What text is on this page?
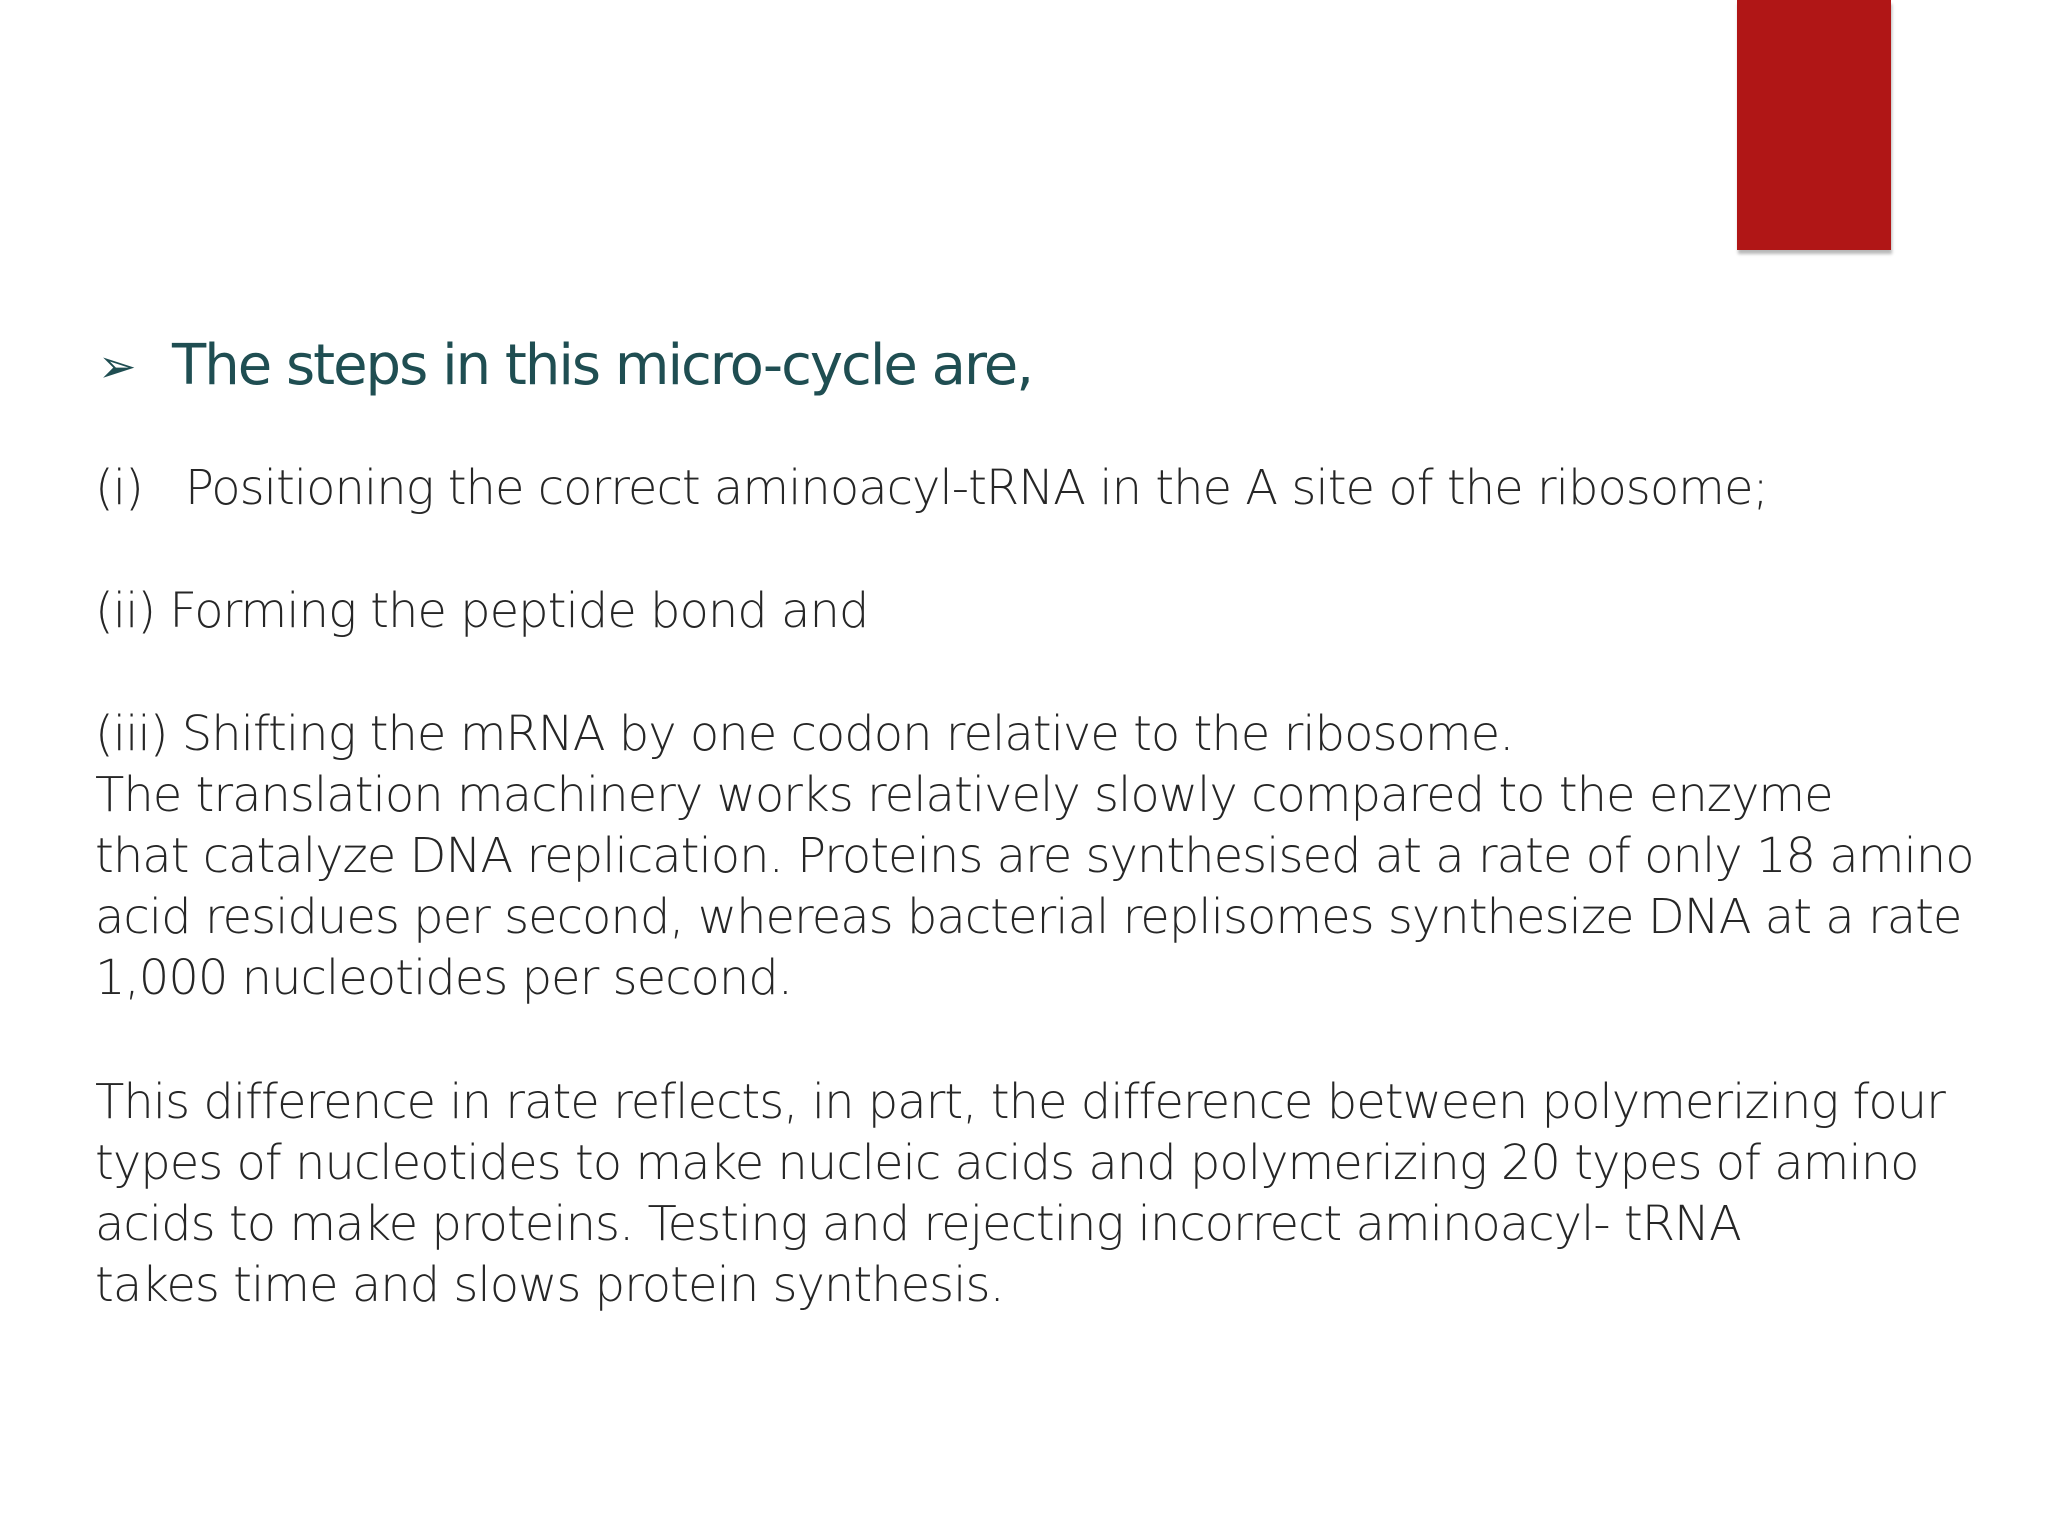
➢ The steps in this micro-cycle are,
(i) Positioning the correct aminoacyl-tRNA in the A site of the ribosome;
(ii) Forming the peptide bond and
(iii) Shifting the mRNA by one codon relative to the ribosome.
The translation machinery works relatively slowly compared to the enzyme
that catalyze DNA replication. Proteins are synthesised at a rate of only 18 amino
acid residues per second, whereas bacterial replisomes synthesize DNA at a rate
1,000 nucleotides per second.
This difference in rate reflects, in part, the difference between polymerizing four
types of nucleotides to make nucleic acids and polymerizing 20 types of amino
acids to make proteins. Testing and rejecting incorrect aminoacyl- tRNA
takes time and slows protein synthesis.
